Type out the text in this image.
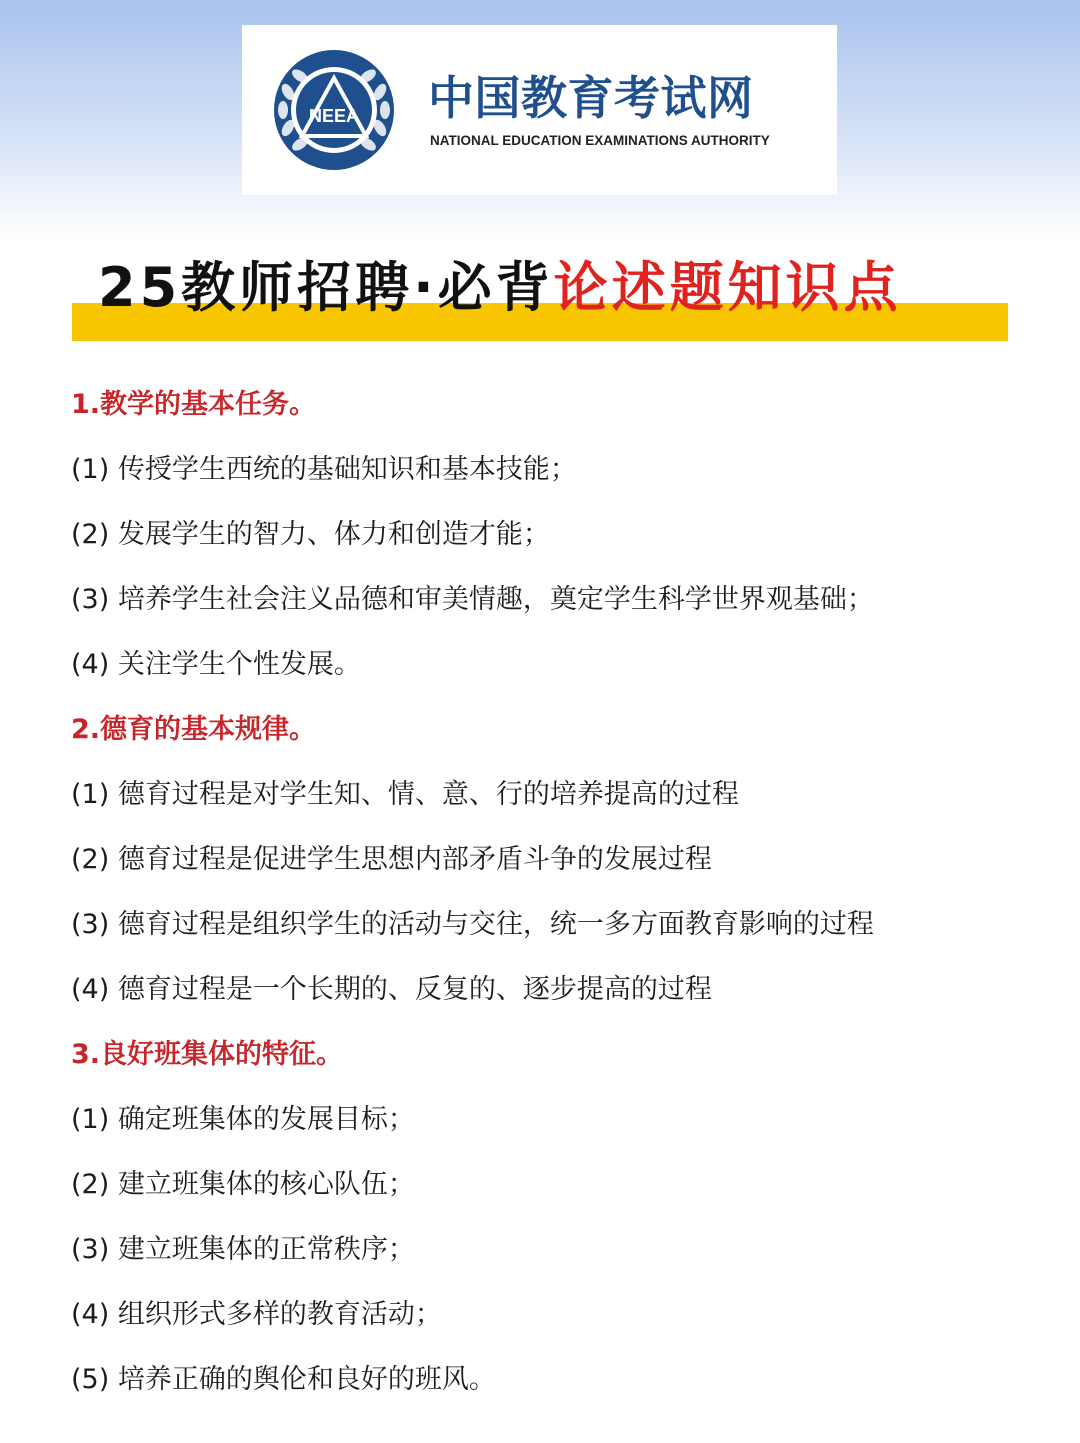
NEEA 中国教育考试网
NATIONAL EDUCATION EXAMINATIONS AUTHORITY
25教师招聘·必背论述题知识点
1.教学的基本任务。
(1) 传授学生西统的基础知识和基本技能；
(2) 发展学生的智力、体力和创造才能；
(3) 培养学生社会注义品德和审美情趣，奠定学生科学世界观基础；
(4) 关注学生个性发展。
2.德育的基本规律。
(1) 德育过程是对学生知、情、意、行的培养提高的过程
(2) 德育过程是促进学生思想内部矛盾斗争的发展过程
(3) 德育过程是组织学生的活动与交往，统一多方面教育影响的过程
(4) 德育过程是一个长期的、反复的、逐步提高的过程
3.良好班集体的特征。
(1) 确定班集体的发展目标；
(2) 建立班集体的核心队伍；
(3) 建立班集体的正常秩序；
(4) 组织形式多样的教育活动；
(5) 培养正确的舆伦和良好的班风。
